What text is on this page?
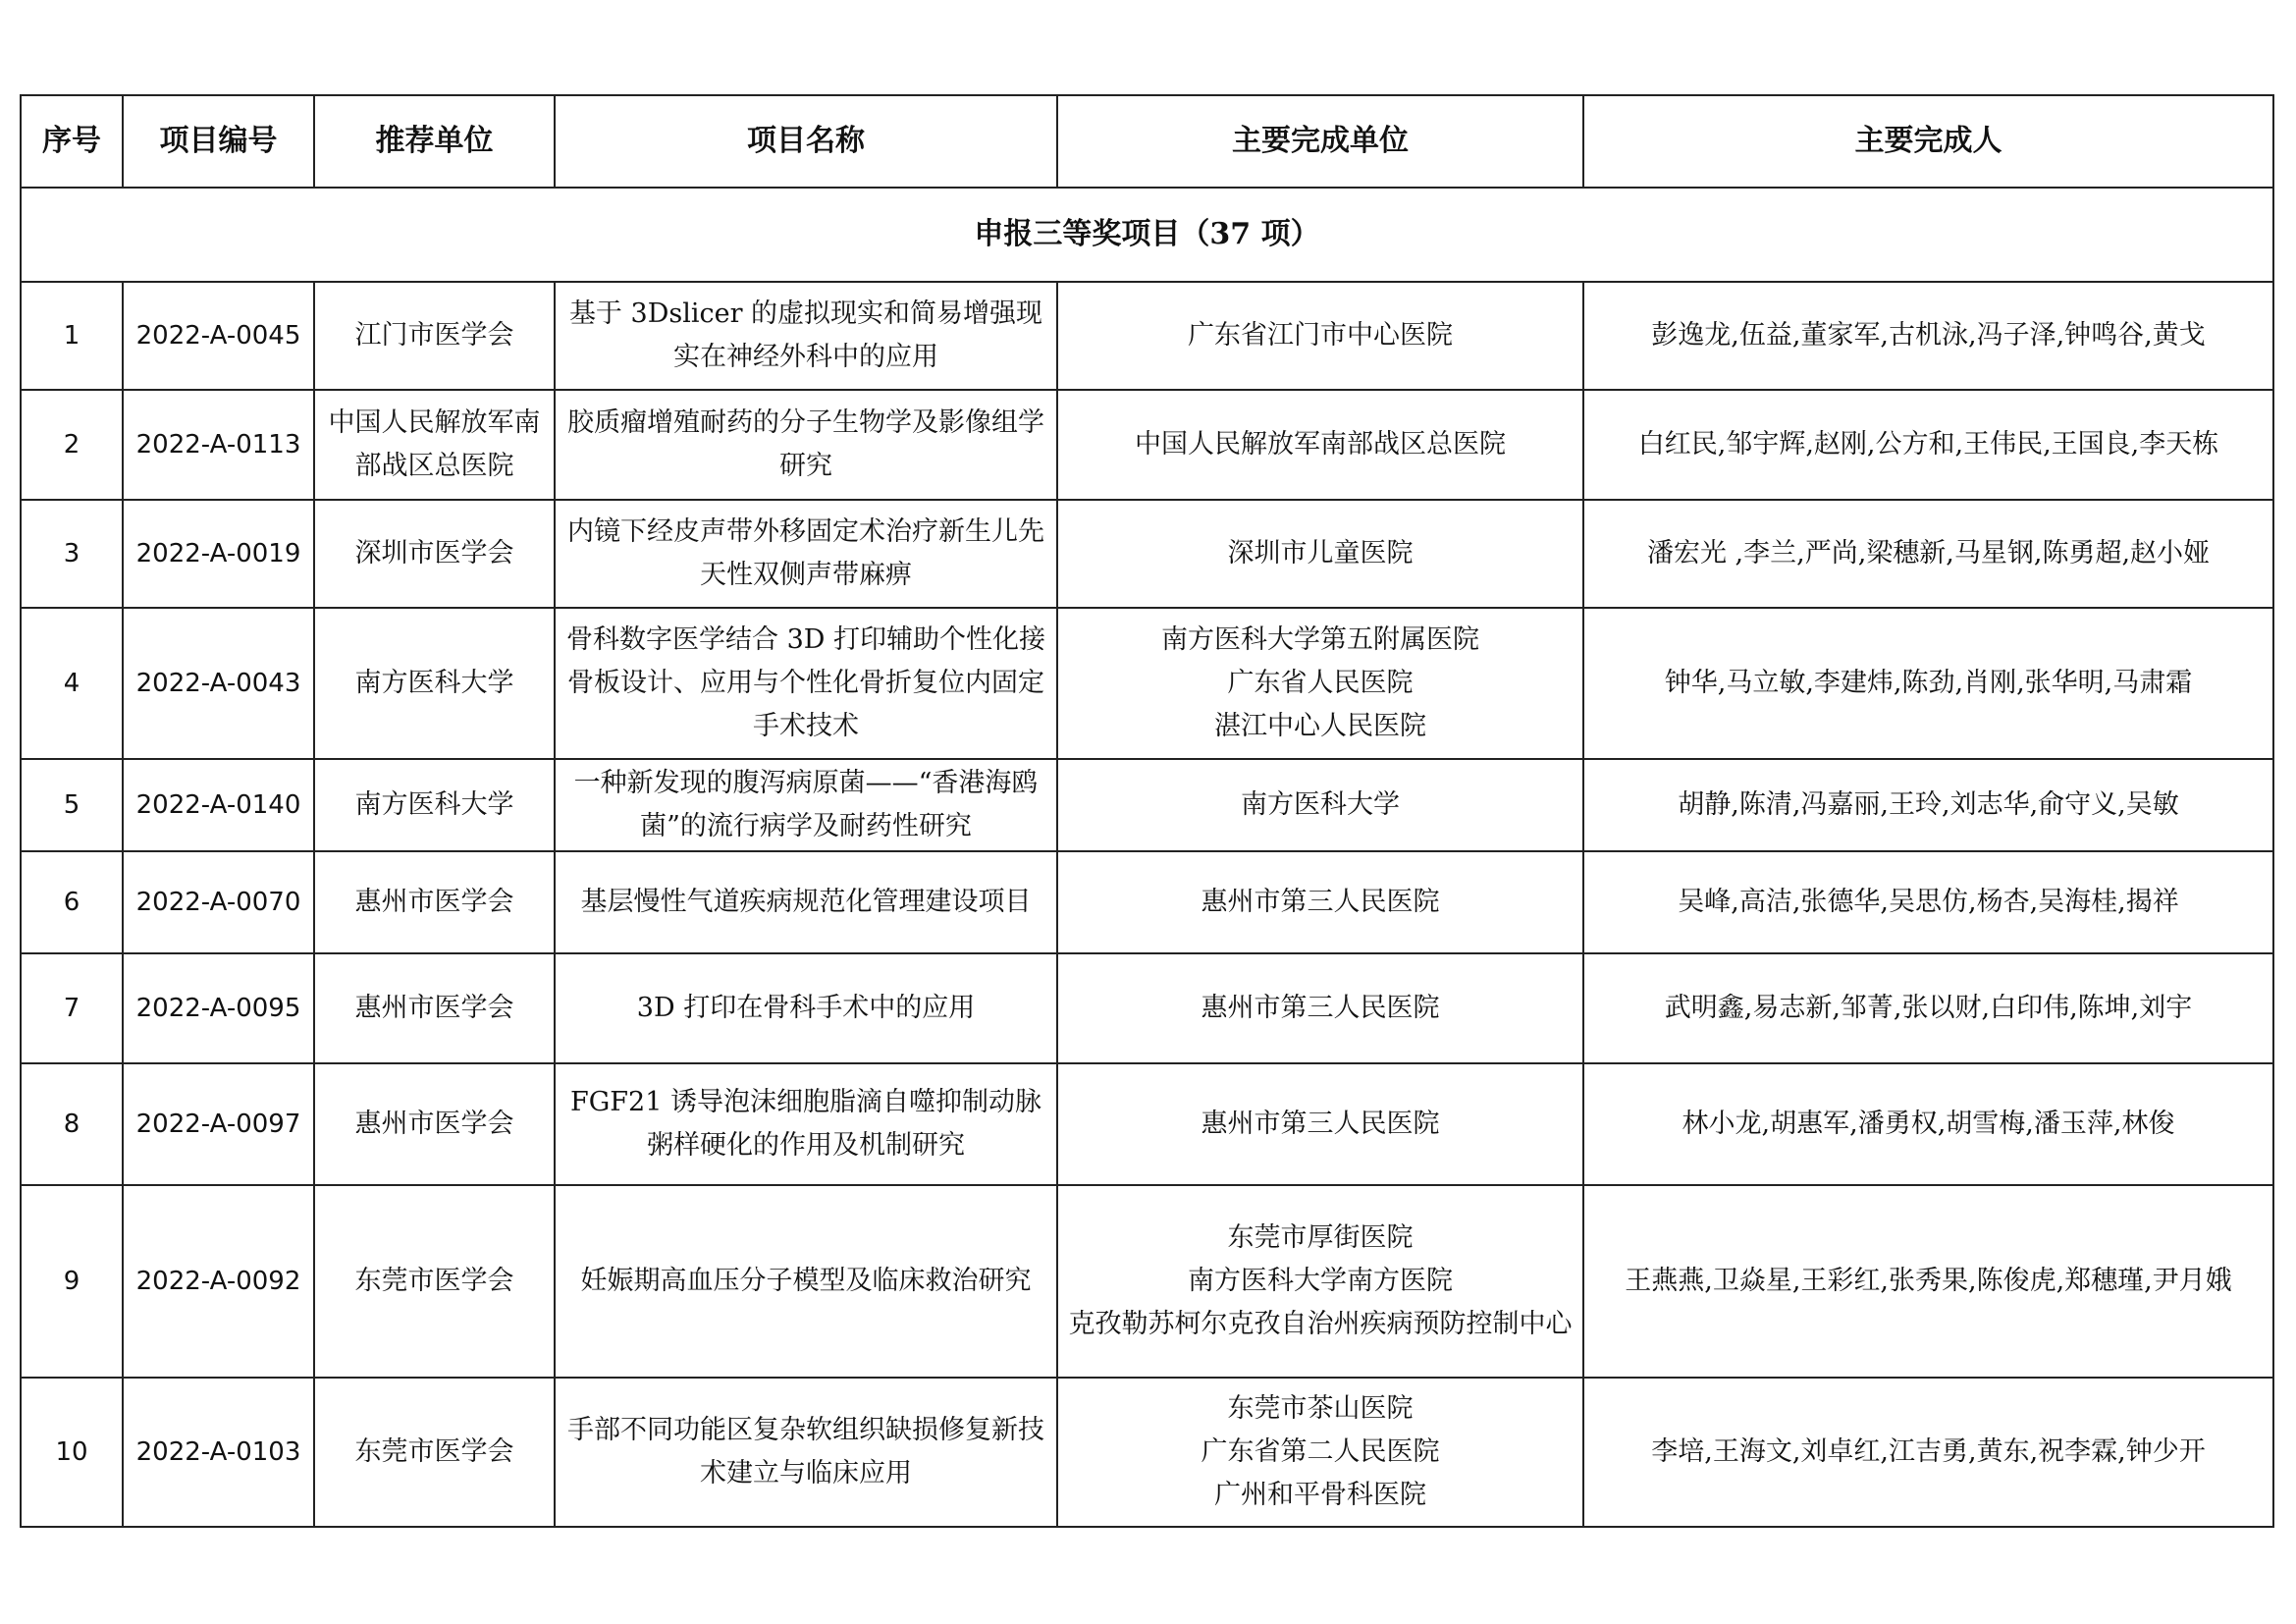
序号	项目编号	推荐单位	项目名称	主要完成单位	主要完成人
申报三等奖项目（37 项）					
1	2022-A-0045	江门市医学会	基于 3Dslicer 的虚拟现实和简易增强现实在神经外科中的应用	广东省江门市中心医院	彭逸龙,伍益,董家军,古机泳,冯子泽,钟鸣谷,黄戈
2	2022-A-0113	中国人民解放军南部战区总医院	胶质瘤增殖耐药的分子生物学及影像组学研究	中国人民解放军南部战区总医院	白红民,邹宇辉,赵刚,公方和,王伟民,王国良,李天栋
3	2022-A-0019	深圳市医学会	内镜下经皮声带外移固定术治疗新生儿先天性双侧声带麻痹	深圳市儿童医院	潘宏光 ,李兰,严尚,梁穗新,马星钢,陈勇超,赵小娅
4	2022-A-0043	南方医科大学	骨科数字医学结合 3D 打印辅助个性化接骨板设计、应用与个性化骨折复位内固定手术技术	南方医科大学第五附属医院
广东省人民医院
湛江中心人民医院	钟华,马立敏,李建炜,陈劲,肖刚,张华明,马肃霜
5	2022-A-0140	南方医科大学	一种新发现的腹泻病原菌——“香港海鸥菌”的流行病学及耐药性研究	南方医科大学	胡静,陈清,冯嘉丽,王玲,刘志华,俞守义,吴敏
6	2022-A-0070	惠州市医学会	基层慢性气道疾病规范化管理建设项目	惠州市第三人民医院	吴峰,高洁,张德华,吴思仿,杨杏,吴海桂,揭祥
7	2022-A-0095	惠州市医学会	3D 打印在骨科手术中的应用	惠州市第三人民医院	武明鑫,易志新,邹菁,张以财,白印伟,陈坤,刘宇
8	2022-A-0097	惠州市医学会	FGF21 诱导泡沫细胞脂滴自噬抑制动脉粥样硬化的作用及机制研究	惠州市第三人民医院	林小龙,胡惠军,潘勇权,胡雪梅,潘玉萍,林俊
9	2022-A-0092	东莞市医学会	妊娠期高血压分子模型及临床救治研究	东莞市厚街医院
南方医科大学南方医院
克孜勒苏柯尔克孜自治州疾病预防控制中心	王燕燕,卫焱星,王彩红,张秀果,陈俊虎,郑穗瑾,尹月娥
10	2022-A-0103	东莞市医学会	手部不同功能区复杂软组织缺损修复新技术建立与临床应用	东莞市茶山医院
广东省第二人民医院
广州和平骨科医院	李培,王海文,刘卓红,江吉勇,黄东,祝李霖,钟少开
